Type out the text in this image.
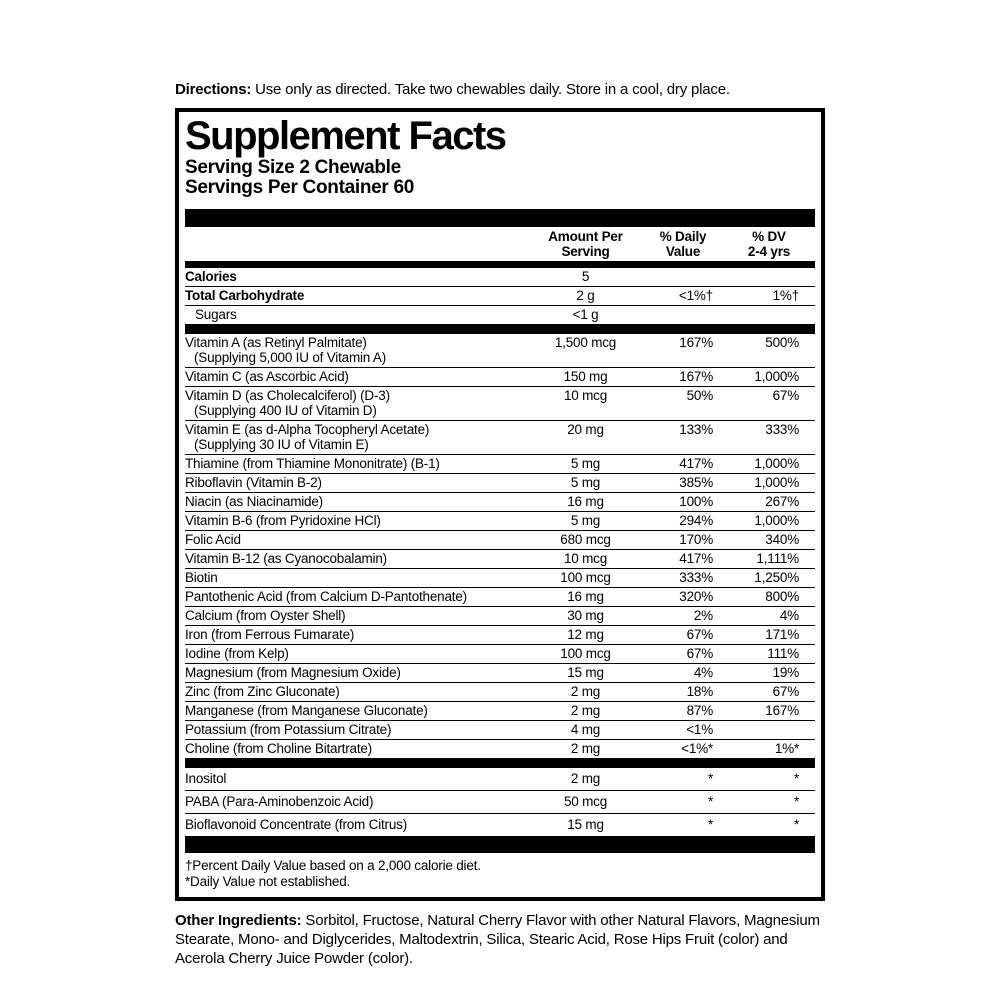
Directions: Use only as directed. Take two chewables daily. Store in a cool, dry place.

Supplement Facts
Serving Size 2 Chewable
Servings Per Container 60
Amount Per
Serving
% Daily
Value
% DV
2-4 yrs
Calories	5
Total Carbohydrate	2 g	<1%†	1%†
Sugars	<1 g
Vitamin A (as Retinyl Palmitate)
(Supplying 5,000 IU of Vitamin A)
1,500 mcg	167%	500%
Vitamin C (as Ascorbic Acid)	150 mg	167%	1,000%
Vitamin D (as Cholecalciferol) (D-3)
(Supplying 400 IU of Vitamin D)
10 mcg	50%	67%
Vitamin E (as d-Alpha Tocopheryl Acetate)
(Supplying 30 IU of Vitamin E)
20 mg	133%	333%
Thiamine (from Thiamine Mononitrate) (B-1)	5 mg	417%	1,000%
Riboflavin (Vitamin B-2)	5 mg	385%	1,000%
Niacin (as Niacinamide)	16 mg	100%	267%
Vitamin B-6 (from Pyridoxine HCl)	5 mg	294%	1,000%
Folic Acid	680 mcg	170%	340%
Vitamin B-12 (as Cyanocobalamin)	10 mcg	417%	1,111%
Biotin	100 mcg	333%	1,250%
Pantothenic Acid (from Calcium D-Pantothenate)	16 mg	320%	800%
Calcium (from Oyster Shell)	30 mg	2%	4%
Iron (from Ferrous Fumarate)	12 mg	67%	171%
Iodine (from Kelp)	100 mcg	67%	111%
Magnesium (from Magnesium Oxide)	15 mg	4%	19%
Zinc (from Zinc Gluconate)	2 mg	18%	67%
Manganese (from Manganese Gluconate)	2 mg	87%	167%
Potassium (from Potassium Citrate)	4 mg	<1%
Choline (from Choline Bitartrate)	2 mg	<1%*	1%*
Inositol	2 mg	*	*
PABA (Para-Aminobenzoic Acid)	50 mcg	*	*
Bioflavonoid Concentrate (from Citrus)	15 mg	*	*
†Percent Daily Value based on a 2,000 calorie diet.
*Daily Value not established.

Other Ingredients: Sorbitol, Fructose, Natural Cherry Flavor with other Natural Flavors, Magnesium Stearate, Mono- and Diglycerides, Maltodextrin, Silica, Stearic Acid, Rose Hips Fruit (color) and Acerola Cherry Juice Powder (color).
